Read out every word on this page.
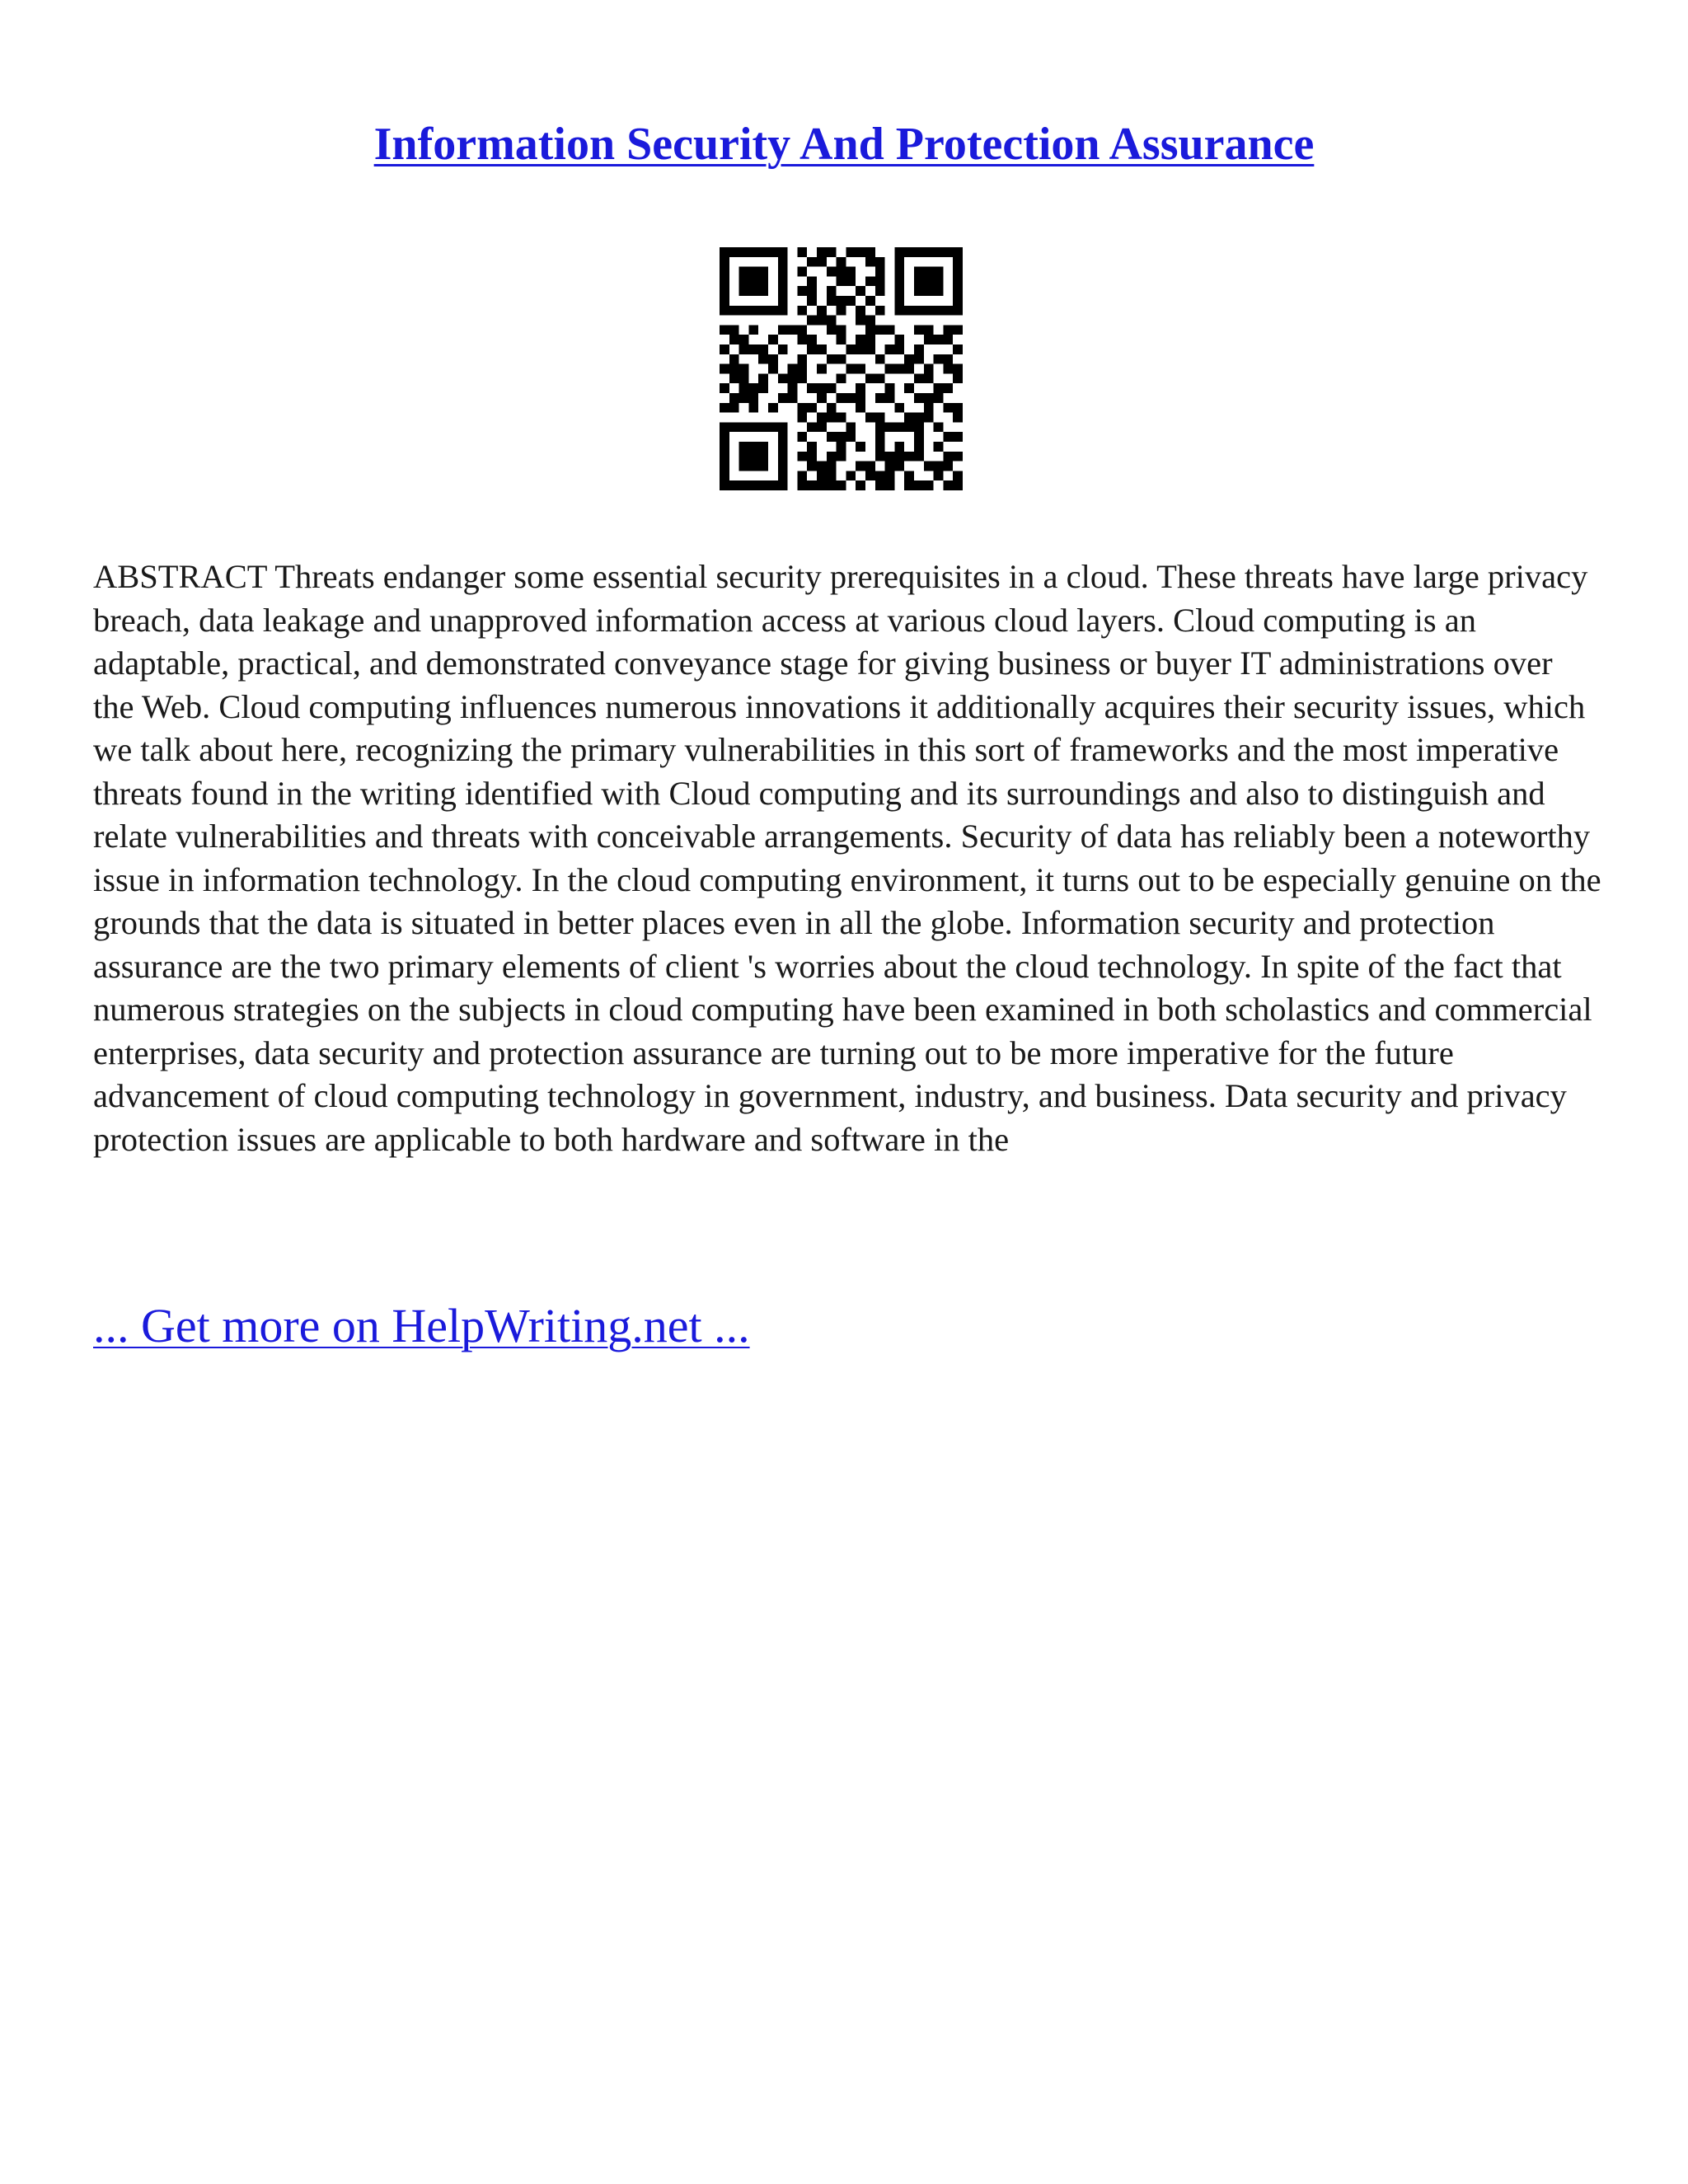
Information Security And Protection Assurance

ABSTRACT Threats endanger some essential security prerequisites in a cloud. These threats have large privacy breach, data leakage and unapproved information access at various cloud layers. Cloud computing is an adaptable, practical, and demonstrated conveyance stage for giving business or buyer IT administrations over the Web. Cloud computing influences numerous innovations it additionally acquires their security issues, which we talk about here, recognizing the primary vulnerabilities in this sort of frameworks and the most imperative threats found in the writing identified with Cloud computing and its surroundings and also to distinguish and relate vulnerabilities and threats with conceivable arrangements. Security of data has reliably been a noteworthy issue in information technology. In the cloud computing environment, it turns out to be especially genuine on the grounds that the data is situated in better places even in all the globe. Information security and protection assurance are the two primary elements of client 's worries about the cloud technology. In spite of the fact that numerous strategies on the subjects in cloud computing have been examined in both scholastics and commercial enterprises, data security and protection assurance are turning out to be more imperative for the future advancement of cloud computing technology in government, industry, and business. Data security and privacy protection issues are applicable to both hardware and software in the

... Get more on HelpWriting.net ...
